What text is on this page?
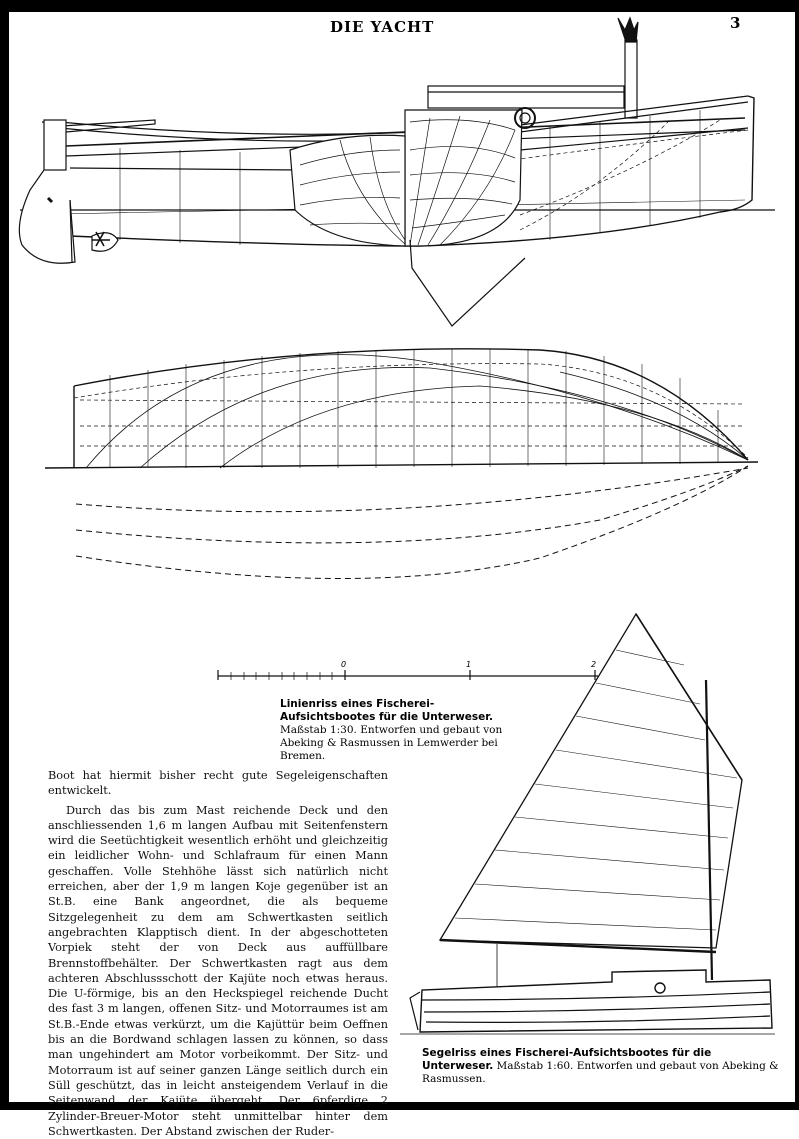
DIE YACHT	3
0	1	2
Linienriss eines Fischerei-Aufsichtsbootes für die Unterweser. Maßstab 1:30. Entworfen und gebaut von Abeking & Rasmussen in Lemwerder bei Bremen.
Segelriss eines Fischerei-Aufsichtsbootes für die Unterweser. Maßstab 1:60. Entworfen und gebaut von Abeking & Rasmussen.

Boot hat hiermit bisher recht gute Segeleigenschaften entwickelt.

Durch das bis zum Mast reichende Deck und den anschliessenden 1,6 m langen Aufbau mit Seitenfenstern wird die Seetüchtigkeit wesentlich erhöht und gleichzeitig ein leidlicher Wohn- und Schlafraum für einen Mann geschaffen. Volle Stehhöhe lässt sich natürlich nicht erreichen, aber der 1,9 m langen Koje gegenüber ist an St.B. eine Bank angeordnet, die als bequeme Sitzgelegenheit zu dem am Schwertkasten seitlich angebrachten Klapptisch dient. In der abgeschotteten Vorpiek steht der von Deck aus auffüllbare Brennstoffbehälter. Der Schwertkasten ragt aus dem achteren Abschlussschott der Kajüte noch etwas heraus. Die U-förmige, bis an den Heckspiegel reichende Ducht des fast 3 m langen, offenen Sitz- und Motorraumes ist am St.B.-Ende etwas verkürzt, um die Kajüttür beim Oeffnen bis an die Bordwand schlagen lassen zu können, so dass man ungehindert am Motor vorbeikommt. Der Sitz- und Motorraum ist auf seiner ganzen Länge seitlich durch ein Süll geschützt, das in leicht ansteigendem Verlauf in die Seitenwand der Kajüte übergeht. Der 6pferdige 2 Zylinder-Breuer-Motor steht unmittelbar hinter dem Schwertkasten. Der Abstand zwischen der Ruder-
